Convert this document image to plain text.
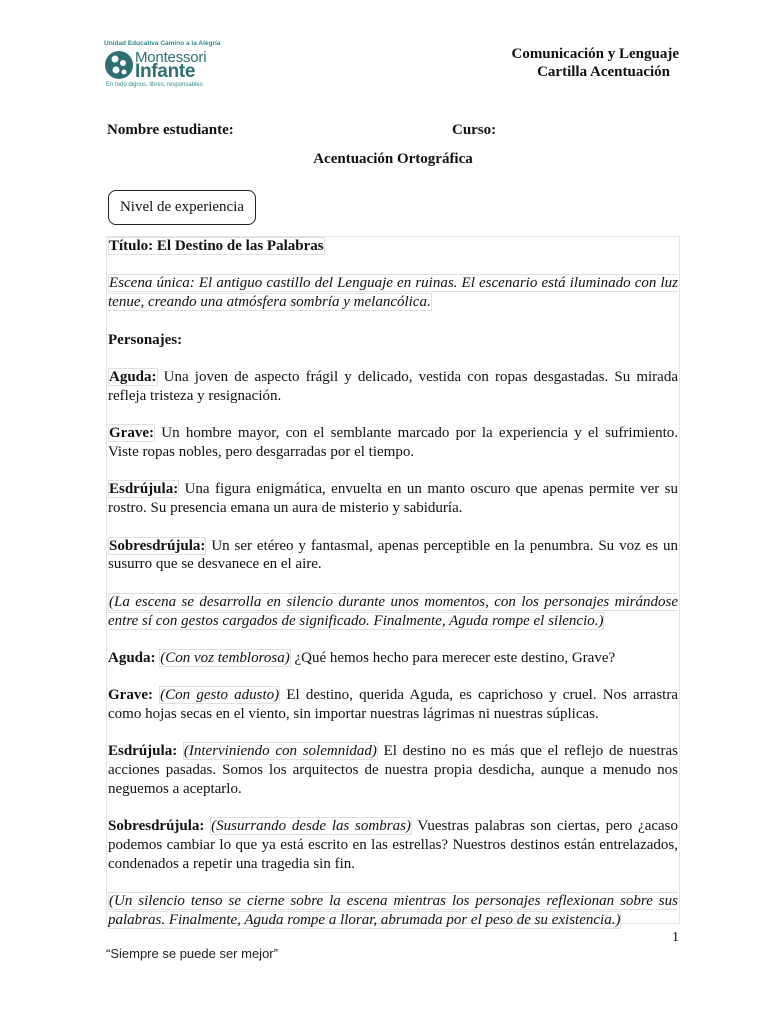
Unidad Educativa Camino a la Alegría
Montessori
Infante
En todo dignos, libres, responsables
Comunicación y Lenguaje
Cartilla Acentuación
Nombre estudiante:	Curso:
Acentuación Ortográfica
Nivel de experiencia

Título: El Destino de las Palabras

Escena única: El antiguo castillo del Lenguaje en ruinas. El escenario está iluminado con luz tenue, creando una atmósfera sombría y melancólica.

Personajes:

Aguda: Una joven de aspecto frágil y delicado, vestida con ropas desgastadas. Su mirada refleja tristeza y resignación.

Grave: Un hombre mayor, con el semblante marcado por la experiencia y el sufrimiento. Viste ropas nobles, pero desgarradas por el tiempo.

Esdrújula: Una figura enigmática, envuelta en un manto oscuro que apenas permite ver su rostro. Su presencia emana un aura de misterio y sabiduría.

Sobresdrújula: Un ser etéreo y fantasmal, apenas perceptible en la penumbra. Su voz es un susurro que se desvanece en el aire.

(La escena se desarrolla en silencio durante unos momentos, con los personajes mirándose entre sí con gestos cargados de significado. Finalmente, Aguda rompe el silencio.)

Aguda: (Con voz temblorosa) ¿Qué hemos hecho para merecer este destino, Grave?

Grave: (Con gesto adusto) El destino, querida Aguda, es caprichoso y cruel. Nos arrastra como hojas secas en el viento, sin importar nuestras lágrimas ni nuestras súplicas.

Esdrújula: (Interviniendo con solemnidad) El destino no es más que el reflejo de nuestras acciones pasadas. Somos los arquitectos de nuestra propia desdicha, aunque a menudo nos neguemos a aceptarlo.

Sobresdrújula: (Susurrando desde las sombras) Vuestras palabras son ciertas, pero ¿acaso podemos cambiar lo que ya está escrito en las estrellas? Nuestros destinos están entrelazados, condenados a repetir una tragedia sin fin.

(Un silencio tenso se cierne sobre la escena mientras los personajes reflexionan sobre sus palabras. Finalmente, Aguda rompe a llorar, abrumada por el peso de su existencia.)

1
“Siempre se puede ser mejor”
